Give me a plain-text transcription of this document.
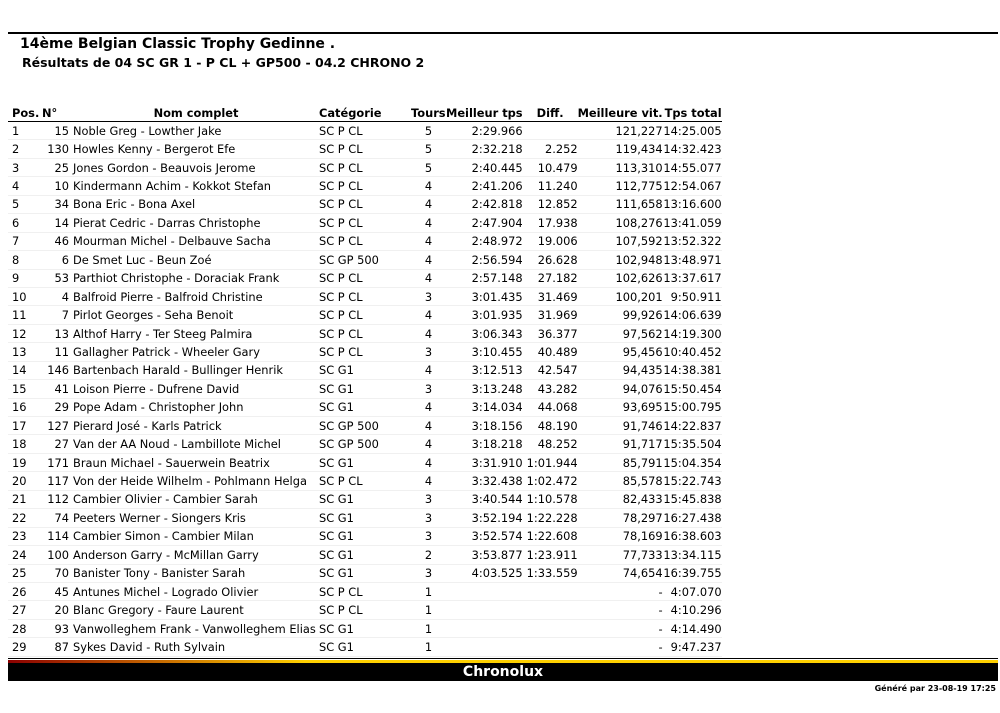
14ème Belgian Classic Trophy Gedinne .
Résultats de 04 SC GR 1 - P CL + GP500 - 04.2 CHRONO 2
Pos.	N°	Nom complet	Catégorie	Tours	Meilleur tps	Diff.	Meilleure vit.	Tps total
1	15	Noble Greg - Lowther Jake	SC P CL	5	2:29.966		121,227	14:25.005
2	130	Howles Kenny - Bergerot Efe	SC P CL	5	2:32.218	2.252	119,434	14:32.423
3	25	Jones Gordon - Beauvois Jerome	SC P CL	5	2:40.445	10.479	113,310	14:55.077
4	10	Kindermann Achim - Kokkot Stefan	SC P CL	4	2:41.206	11.240	112,775	12:54.067
5	34	Bona Eric - Bona Axel	SC P CL	4	2:42.818	12.852	111,658	13:16.600
6	14	Pierat Cedric - Darras Christophe	SC P CL	4	2:47.904	17.938	108,276	13:41.059
7	46	Mourman Michel - Delbauve Sacha	SC P CL	4	2:48.972	19.006	107,592	13:52.322
8	6	De Smet Luc - Beun Zoé	SC GP 500	4	2:56.594	26.628	102,948	13:48.971
9	53	Parthiot Christophe - Doraciak Frank	SC P CL	4	2:57.148	27.182	102,626	13:37.617
10	4	Balfroid Pierre - Balfroid Christine	SC P CL	3	3:01.435	31.469	100,201	9:50.911
11	7	Pirlot Georges - Seha Benoit	SC P CL	4	3:01.935	31.969	99,926	14:06.639
12	13	Althof Harry - Ter Steeg Palmira	SC P CL	4	3:06.343	36.377	97,562	14:19.300
13	11	Gallagher Patrick - Wheeler Gary	SC P CL	3	3:10.455	40.489	95,456	10:40.452
14	146	Bartenbach Harald - Bullinger Henrik	SC G1	4	3:12.513	42.547	94,435	14:38.381
15	41	Loison Pierre - Dufrene David	SC G1	3	3:13.248	43.282	94,076	15:50.454
16	29	Pope Adam - Christopher John	SC G1	4	3:14.034	44.068	93,695	15:00.795
17	127	Pierard José - Karls Patrick	SC GP 500	4	3:18.156	48.190	91,746	14:22.837
18	27	Van der AA Noud - Lambillote Michel	SC GP 500	4	3:18.218	48.252	91,717	15:35.504
19	171	Braun Michael - Sauerwein Beatrix	SC G1	4	3:31.910	1:01.944	85,791	15:04.354
20	117	Von der Heide Wilhelm - Pohlmann Helga	SC P CL	4	3:32.438	1:02.472	85,578	15:22.743
21	112	Cambier Olivier - Cambier Sarah	SC G1	3	3:40.544	1:10.578	82,433	15:45.838
22	74	Peeters Werner - Siongers Kris	SC G1	3	3:52.194	1:22.228	78,297	16:27.438
23	114	Cambier Simon - Cambier Milan	SC G1	3	3:52.574	1:22.608	78,169	16:38.603
24	100	Anderson Garry - McMillan Garry	SC G1	2	3:53.877	1:23.911	77,733	13:34.115
25	70	Banister Tony - Banister Sarah	SC G1	3	4:03.525	1:33.559	74,654	16:39.755
26	45	Antunes Michel - Logrado Olivier	SC P CL	1			-	4:07.070
27	20	Blanc Gregory - Faure Laurent	SC P CL	1			-	4:10.296
28	93	Vanwolleghem Frank - Vanwolleghem Elias	SC G1	1			-	4:14.490
29	87	Sykes David - Ruth Sylvain	SC G1	1			-	9:47.237
Chronolux
Généré par 23-08-19 17:25
